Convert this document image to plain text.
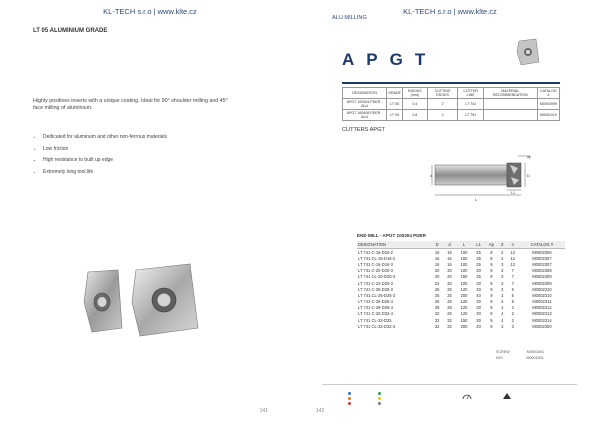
KL-TECH s.r.o | www.klte.cz
LT 05 ALUMINIUM GRADE
Highly positives inserts with a unique coating. Ideal for 90° shoulder milling and 45° face milling of aluminium.
• Dedicated for aluminum and other non-ferrous materials
• Low friction
• High resistance to built up edge
• Extremely long tool life
141
KL-TECH s.r.o | www.klte.cz
ALU MILLING
APGT
DESIGNATION	GRADE	RADIUS (mm)	CUTTING EDGES	CUTTER LINE	MATERIAL RECOMMENDATION	CATALOG #
APGT 100304 PDER - ALU	LT 05	0.4	2	LT 741		M0003999
APGT 160408 PDER - ALU	LT 05	0.8	2	LT 751		M0001010
CUTTERS APGT
d	D
L
L1
ap
END MILL - APGT 100304 PDER
DESIGNATION	D	d	L	L1	Ap	Z	n	CATALOG #
LT 741 C-16-D16-2	16	16	100	25	9	2	12	M0002306
LT 741 CL-16-D16-2	16	16	150	35	9	2	12	M0002307
LT 741 C-16-D16-3	16	16	100	25	9	3	12	M0002307
LT 741 C-20-D20-3	20	20	100	30	9	3	7	M0002308
LT 741 CL-20-D20-3	20	20	150	35	9	3	7	M0002309
LT 741 C-22-D20-3	22	20	100	30	9	3	7	M0002309
LT 741 C-25-D25-3	25	25	120	30	9	3	5	M0002310
LT 741 CL-25-D25-3	25	25	200	40	9	3	5	M0002310
LT 741 C-25-D25-4	25	25	120	30	9	4	5	M0002311
LT 741 C-28-D25-4	28	25	120	30	9	4	2	M0002312
LT 741 C-32-D32-4	32	25	120	30	9	4	2	M0002313
LT 741 CL-32-D25	32	32	150	30	9	4	2	M0002314
LT 741 CL-32-D32-3	32	32	200	40	9	3	3	M0002300
SCREW	M0001001
KEY	M0001001
142
